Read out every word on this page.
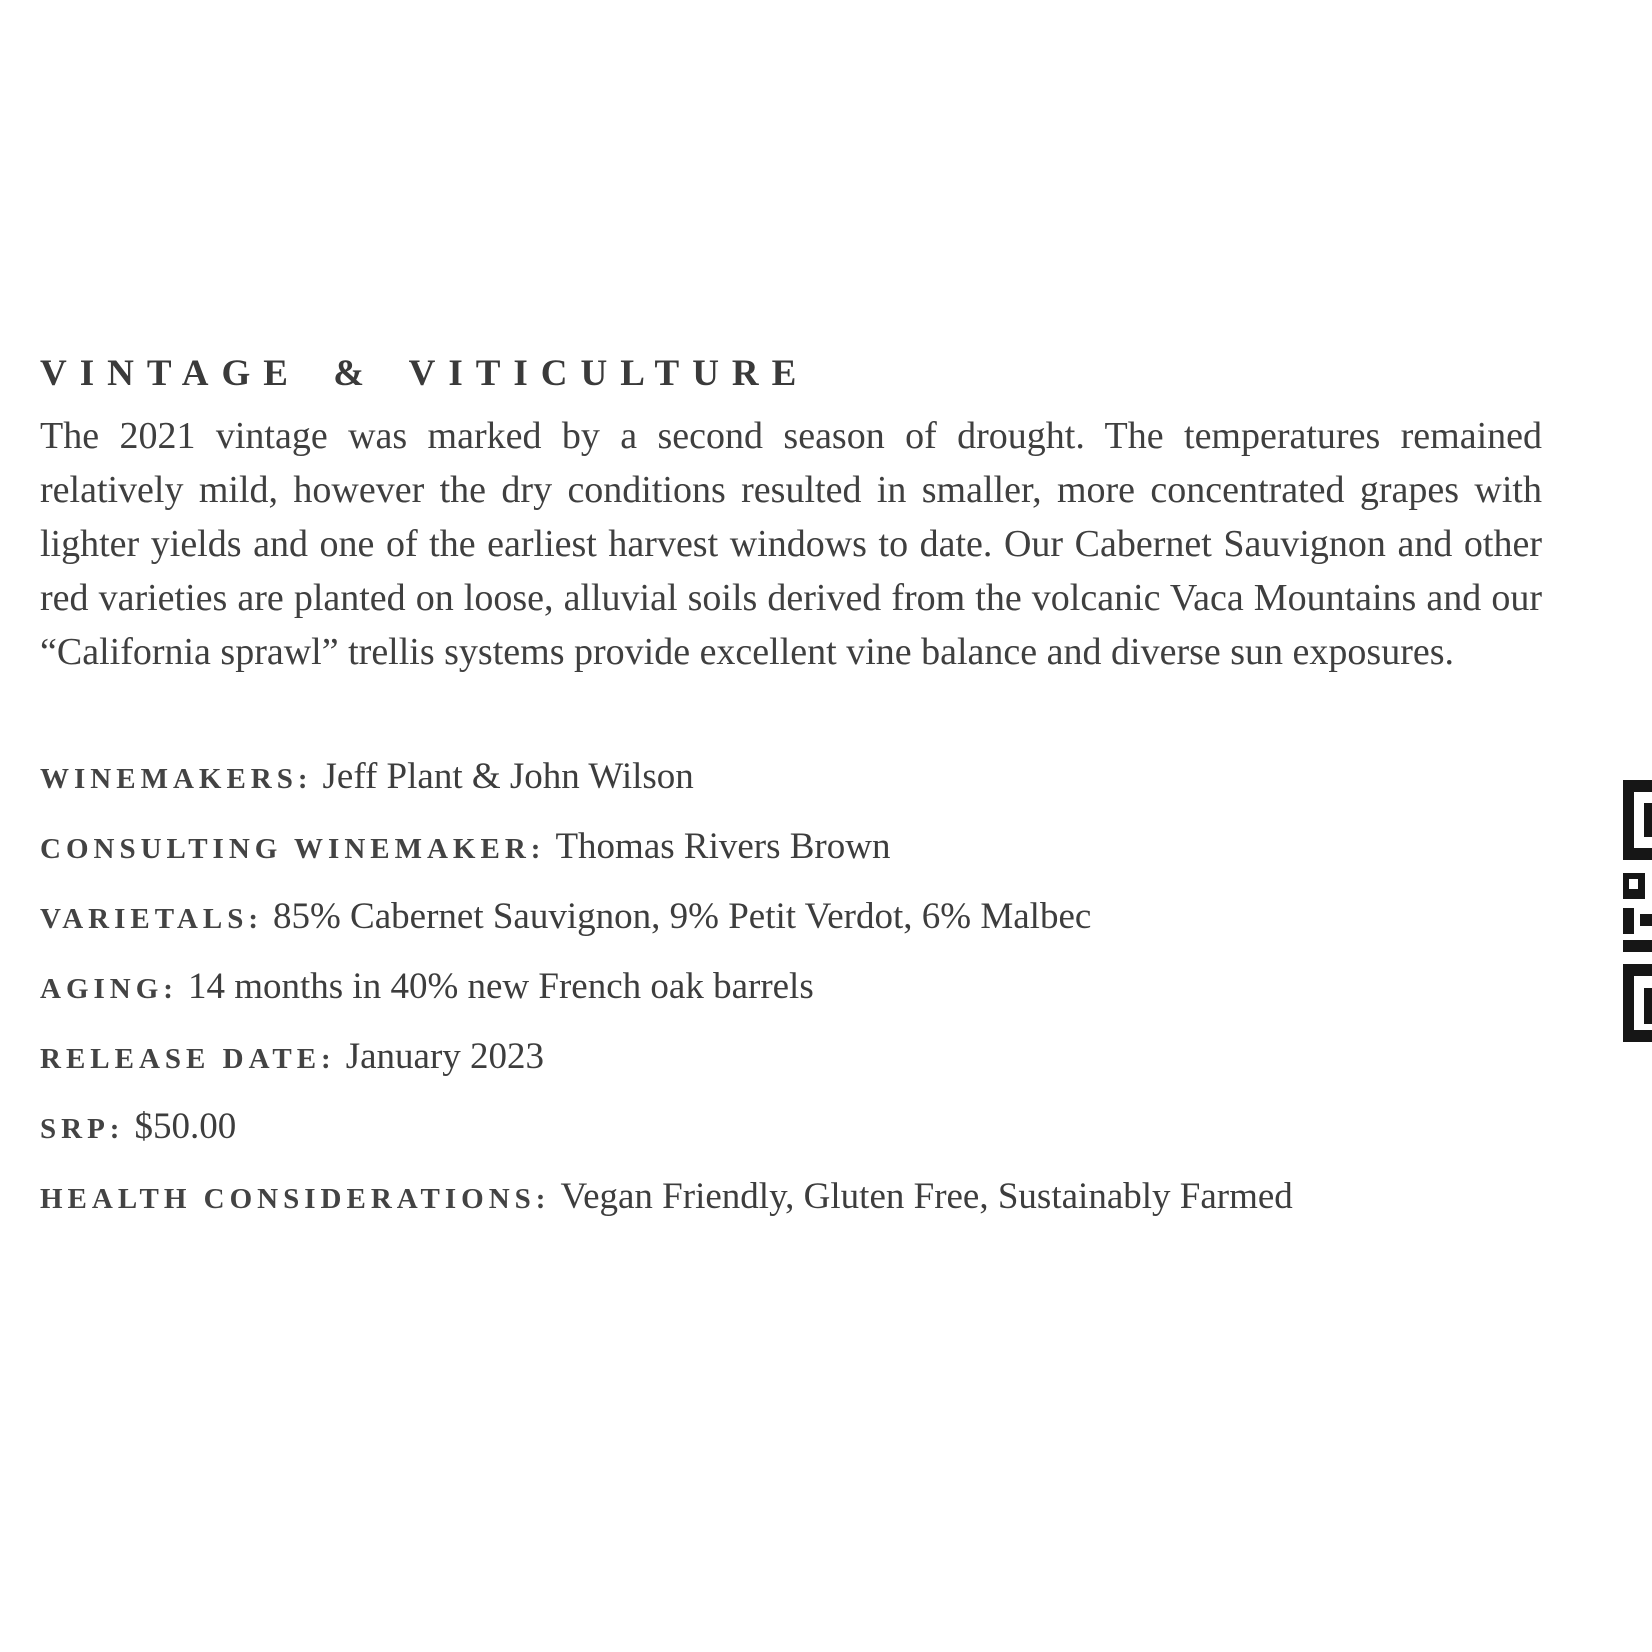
VINTAGE & VITICULTURE

The 2021 vintage was marked by a second season of drought. The temperatures remained relatively mild, however the dry conditions resulted in smaller, more concentrated grapes with lighter yields and one of the earliest harvest windows to date. Our Cabernet Sauvignon and other red varieties are planted on loose, alluvial soils derived from the volcanic Vaca Mountains and our “California sprawl” trellis systems provide excellent vine balance and diverse sun exposures.

WINEMAKERS: Jeff Plant & John Wilson
CONSULTING WINEMAKER: Thomas Rivers Brown
VARIETALS: 85% Cabernet Sauvignon, 9% Petit Verdot, 6% Malbec
AGING: 14 months in 40% new French oak barrels
RELEASE DATE: January 2023
SRP: $50.00
HEALTH CONSIDERATIONS: Vegan Friendly, Gluten Free, Sustainably Farmed
